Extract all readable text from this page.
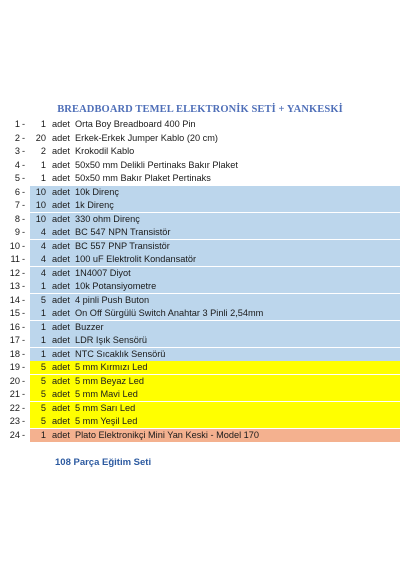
BREADBOARD TEMEL ELEKTRONİK SETİ + YANKESKİ
1 -	1 adet Orta Boy Breadboard 400 Pin
2 -	20 adet Erkek-Erkek Jumper Kablo (20 cm)
3 -	2 adet Krokodil Kablo
4 -	1 adet 50x50 mm Delikli Pertinaks Bakır Plaket
5 -	1 adet 50x50 mm Bakır Plaket Pertinaks
6 -	10 adet 10k Direnç
7 -	10 adet 1k Direnç
8 -	10 adet 330 ohm Direnç
9 -	4 adet BC 547 NPN Transistör
10 -	4 adet BC 557 PNP Transistör
11 -	4 adet 100 uF Elektrolit Kondansatör
12 -	4 adet 1N4007 Diyot
13 -	1 adet 10k Potansiyometre
14 -	5 adet 4 pinli Push Buton
15 -	1 adet On Off Sürgülü Switch Anahtar 3 Pinli 2,54mm
16 -	1 adet Buzzer
17 -	1 adet LDR Işık Sensörü
18 -	1 adet NTC Sıcaklık Sensörü
19 -	5 adet 5 mm Kırmızı Led
20 -	5 adet 5 mm Beyaz Led
21 -	5 adet 5 mm Mavi Led
22 -	5 adet 5 mm Sarı Led
23 -	5 adet 5 mm Yeşil Led
24 -	1 adet Plato Elektronikçi Mini Yan Keski - Model 170
108 Parça Eğitim Seti
